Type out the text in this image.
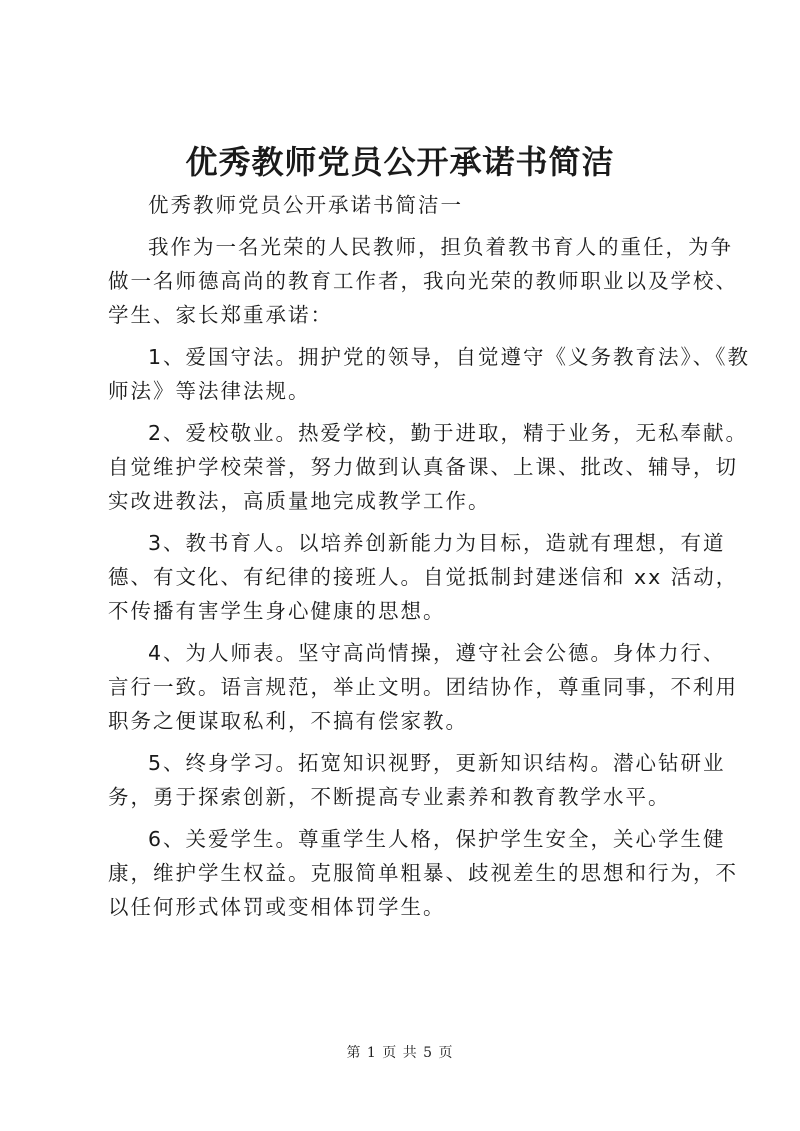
优秀教师党员公开承诺书简洁

优秀教师党员公开承诺书简洁一

我作为一名光荣的人民教师，担负着教书育人的重任，为争
做一名师德高尚的教育工作者，我向光荣的教师职业以及学校、
学生、家长郑重承诺：

1、爱国守法。拥护党的领导，自觉遵守《义务教育法》、《教
师法》等法律法规。

2、爱校敬业。热爱学校，勤于进取，精于业务，无私奉献。
自觉维护学校荣誉，努力做到认真备课、上课、批改、辅导，切
实改进教法，高质量地完成教学工作。

3、教书育人。以培养创新能力为目标，造就有理想，有道
德、有文化、有纪律的接班人。自觉抵制封建迷信和 xx 活动，
不传播有害学生身心健康的思想。

4、为人师表。坚守高尚情操，遵守社会公德。身体力行、
言行一致。语言规范，举止文明。团结协作，尊重同事，不利用
职务之便谋取私利，不搞有偿家教。

5、终身学习。拓宽知识视野，更新知识结构。潜心钻研业
务，勇于探索创新，不断提高专业素养和教育教学水平。

6、关爱学生。尊重学生人格，保护学生安全，关心学生健
康，维护学生权益。克服简单粗暴、歧视差生的思想和行为，不
以任何形式体罚或变相体罚学生。

第 1 页 共 5 页
